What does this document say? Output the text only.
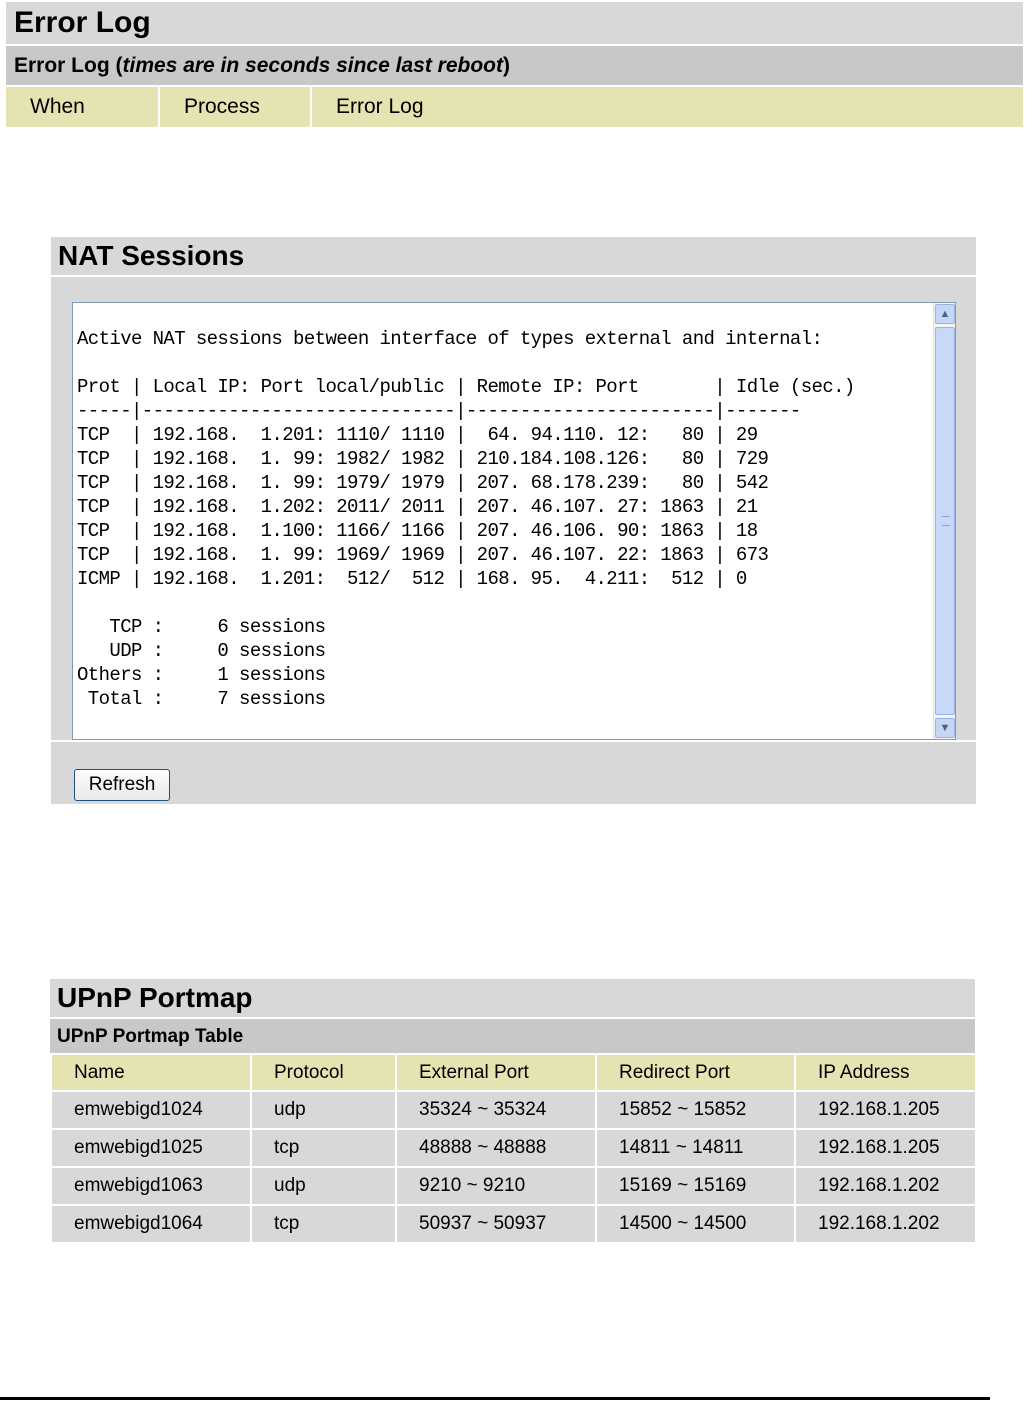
Error Log
Error Log (times are in seconds since last reboot)
When	Process	Error Log
NAT Sessions
Active NAT sessions between interface of types external and internal:

Prot | Local IP: Port local/public | Remote IP: Port       | Idle (sec.)
-----|-----------------------------|-----------------------|-------
TCP  | 192.168.  1.201: 1110/ 1110 |  64. 94.110. 12:   80 | 29
TCP  | 192.168.  1. 99: 1982/ 1982 | 210.184.108.126:   80 | 729
TCP  | 192.168.  1. 99: 1979/ 1979 | 207. 68.178.239:   80 | 542
TCP  | 192.168.  1.202: 2011/ 2011 | 207. 46.107. 27: 1863 | 21
TCP  | 192.168.  1.100: 1166/ 1166 | 207. 46.106. 90: 1863 | 18
TCP  | 192.168.  1. 99: 1969/ 1969 | 207. 46.107. 22: 1863 | 673
ICMP | 192.168.  1.201:  512/  512 | 168. 95.  4.211:  512 | 0

TCP :     6 sessions
UDP :     0 sessions
Others :     1 sessions
Total :     7 sessions
▲
▼
Refresh
UPnP Portmap
UPnP Portmap Table
Name	Protocol	External Port	Redirect Port	IP Address
emwebigd1024	udp	35324 ~ 35324	15852 ~ 15852	192.168.1.205
emwebigd1025	tcp	48888 ~ 48888	14811 ~ 14811	192.168.1.205
emwebigd1063	udp	9210 ~ 9210	15169 ~ 15169	192.168.1.202
emwebigd1064	tcp	50937 ~ 50937	14500 ~ 14500	192.168.1.202
